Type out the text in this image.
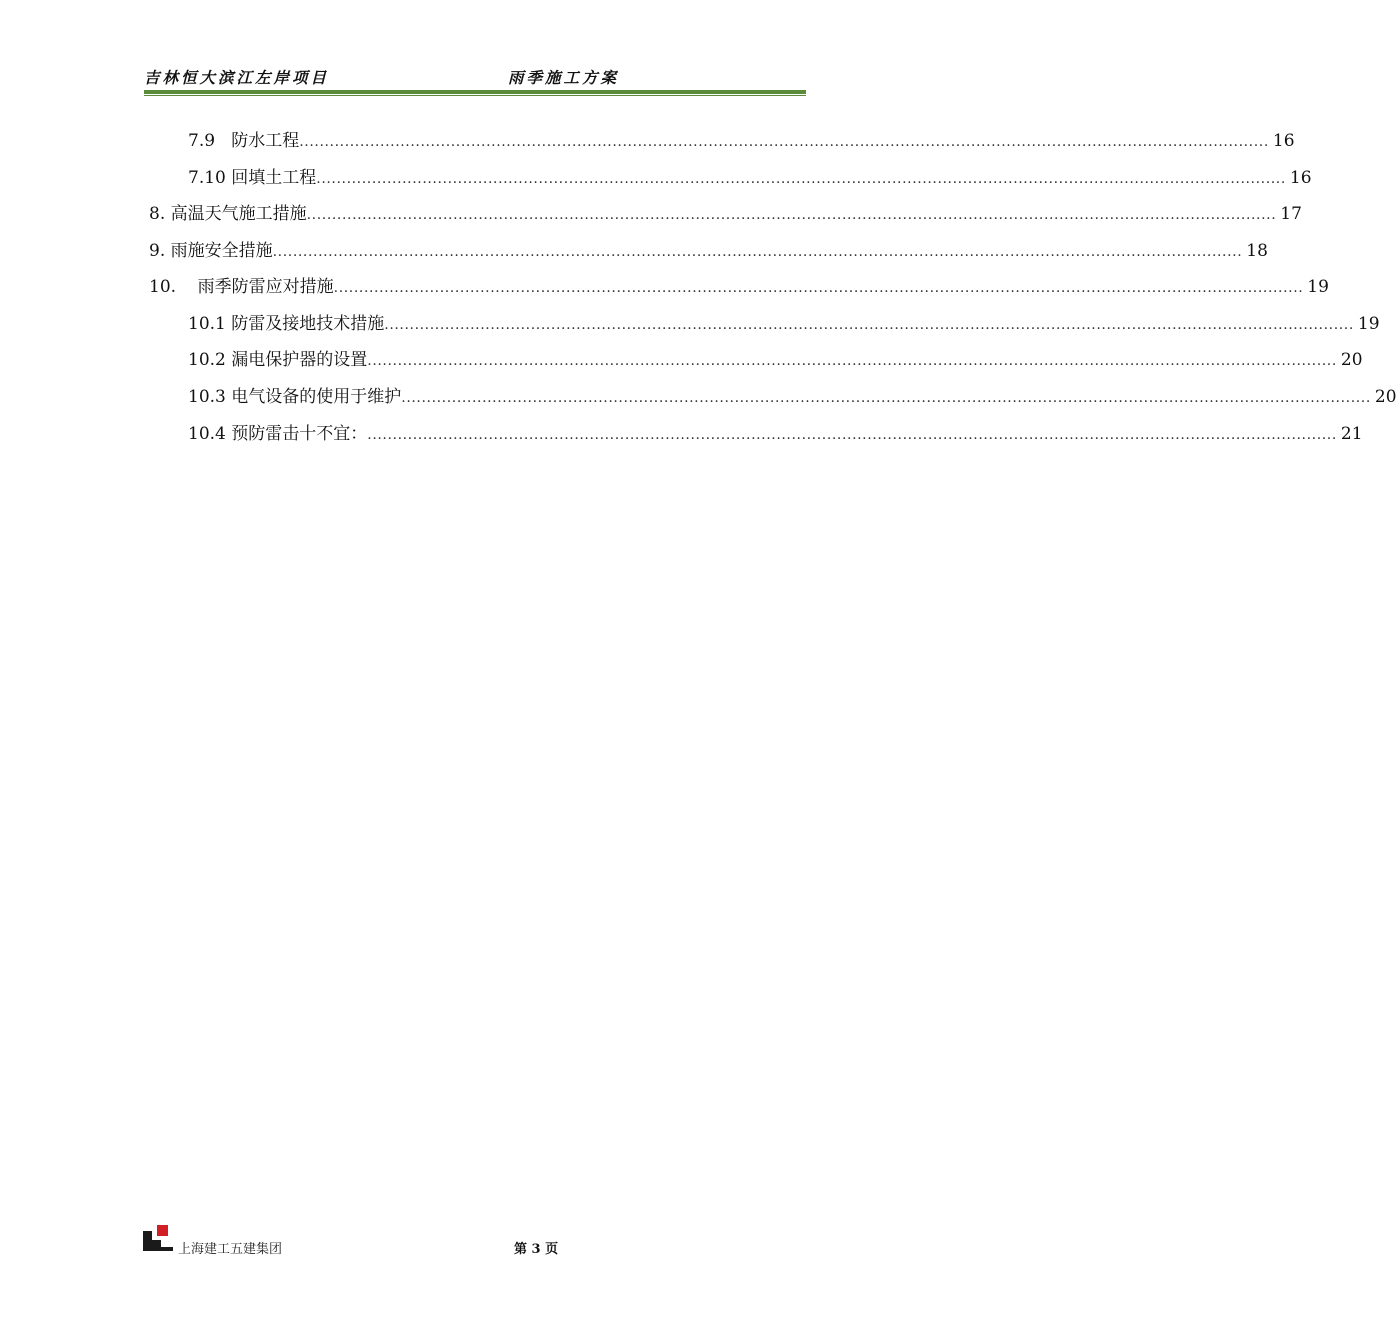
吉林恒大滨江左岸项目	雨季施工方案
7.9   防水工程 ................................................................................................................................................................................................ 16
7.10 回填土工程 ................................................................................................................................................................................................ 16
8. 高温天气施工措施 ................................................................................................................................................................................................ 17
9. 雨施安全措施 ................................................................................................................................................................................................ 18
10.    雨季防雷应对措施 ................................................................................................................................................................................................ 19
10.1 防雷及接地技术措施 ................................................................................................................................................................................................ 19
10.2 漏电保护器的设置 ................................................................................................................................................................................................ 20
10.3 电气设备的使用于维护 ................................................................................................................................................................................................ 20
10.4 预防雷击十不宜： ................................................................................................................................................................................................ 21
上海建工五建集团	第 3 页
